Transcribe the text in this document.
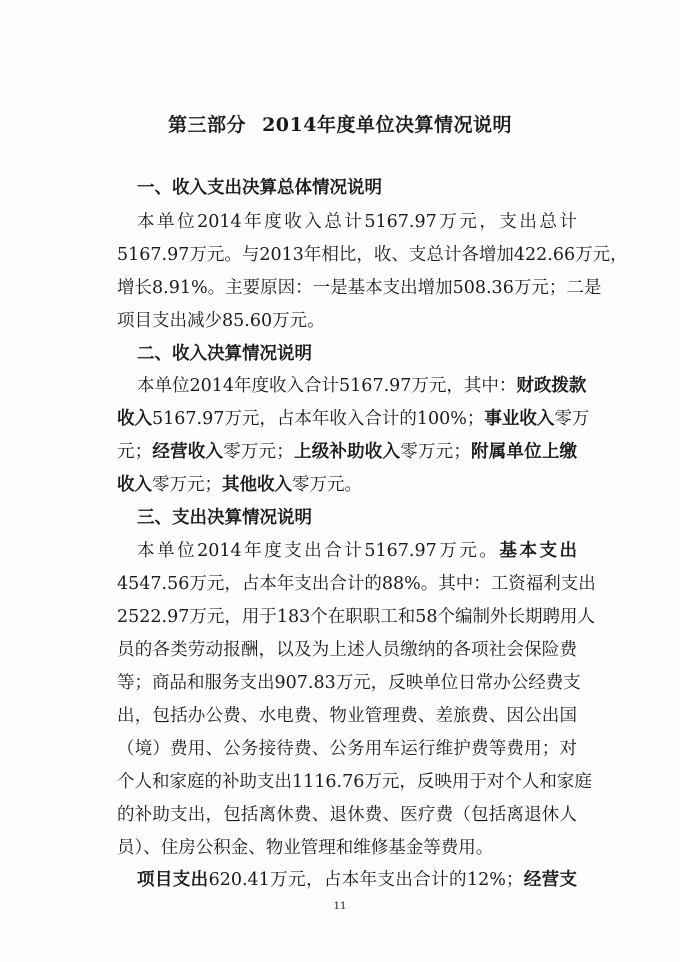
第三部分 2014年度单位决算情况说明
一、收入支出决算总体情况说明
本单位2014年度收入总计5167.97万元，支出总计
5167.97万元。与2013年相比，收、支总计各增加422.66万元，
增长8.91%。主要原因：一是基本支出增加508.36万元；二是
项目支出减少85.60万元。
二、收入决算情况说明
本单位2014年度收入合计5167.97万元，其中：财政拨款
收入5167.97万元，占本年收入合计的100%；事业收入零万
元；经营收入零万元；上级补助收入零万元；附属单位上缴
收入零万元；其他收入零万元。
三、支出决算情况说明
本单位2014年度支出合计5167.97万元。基本支出
4547.56万元，占本年支出合计的88%。其中：工资福利支出
2522.97万元，用于183个在职职工和58个编制外长期聘用人
员的各类劳动报酬，以及为上述人员缴纳的各项社会保险费
等；商品和服务支出907.83万元，反映单位日常办公经费支
出，包括办公费、水电费、物业管理费、差旅费、因公出国
（境）费用、公务接待费、公务用车运行维护费等费用；对
个人和家庭的补助支出1116.76万元，反映用于对个人和家庭
的补助支出，包括离休费、退休费、医疗费（包括离退休人
员）、住房公积金、物业管理和维修基金等费用。
项目支出620.41万元，占本年支出合计的12%；经营支
11
